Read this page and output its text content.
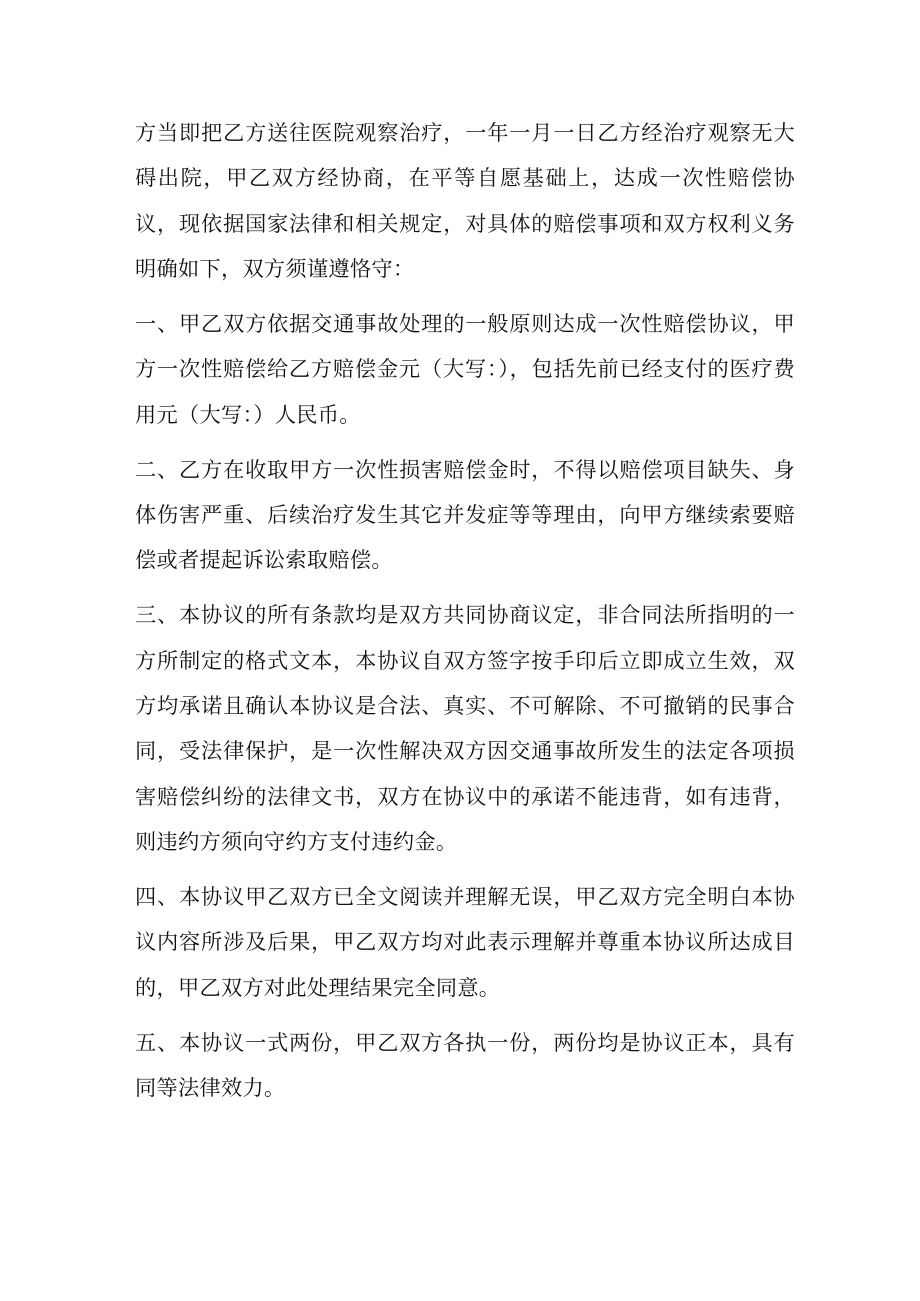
方当即把乙方送往医院观察治疗，一年一月一日乙方经治疗观察无大碍出院，甲乙双方经协商，在平等自愿基础上，达成一次性赔偿协议，现依据国家法律和相关规定，对具体的赔偿事项和双方权利义务明确如下，双方须谨遵恪守：

一、甲乙双方依据交通事故处理的一般原则达成一次性赔偿协议，甲方一次性赔偿给乙方赔偿金元（大写：），包括先前已经支付的医疗费用元（大写：）人民币。

二、乙方在收取甲方一次性损害赔偿金时，不得以赔偿项目缺失、身体伤害严重、后续治疗发生其它并发症等等理由，向甲方继续索要赔偿或者提起诉讼索取赔偿。

三、本协议的所有条款均是双方共同协商议定，非合同法所指明的一方所制定的格式文本，本协议自双方签字按手印后立即成立生效，双方均承诺且确认本协议是合法、真实、不可解除、不可撤销的民事合同，受法律保护，是一次性解决双方因交通事故所发生的法定各项损害赔偿纠纷的法律文书，双方在协议中的承诺不能违背，如有违背，则违约方须向守约方支付违约金。

四、本协议甲乙双方已全文阅读并理解无误，甲乙双方完全明白本协议内容所涉及后果，甲乙双方均对此表示理解并尊重本协议所达成目的，甲乙双方对此处理结果完全同意。

五、本协议一式两份，甲乙双方各执一份，两份均是协议正本，具有同等法律效力。
